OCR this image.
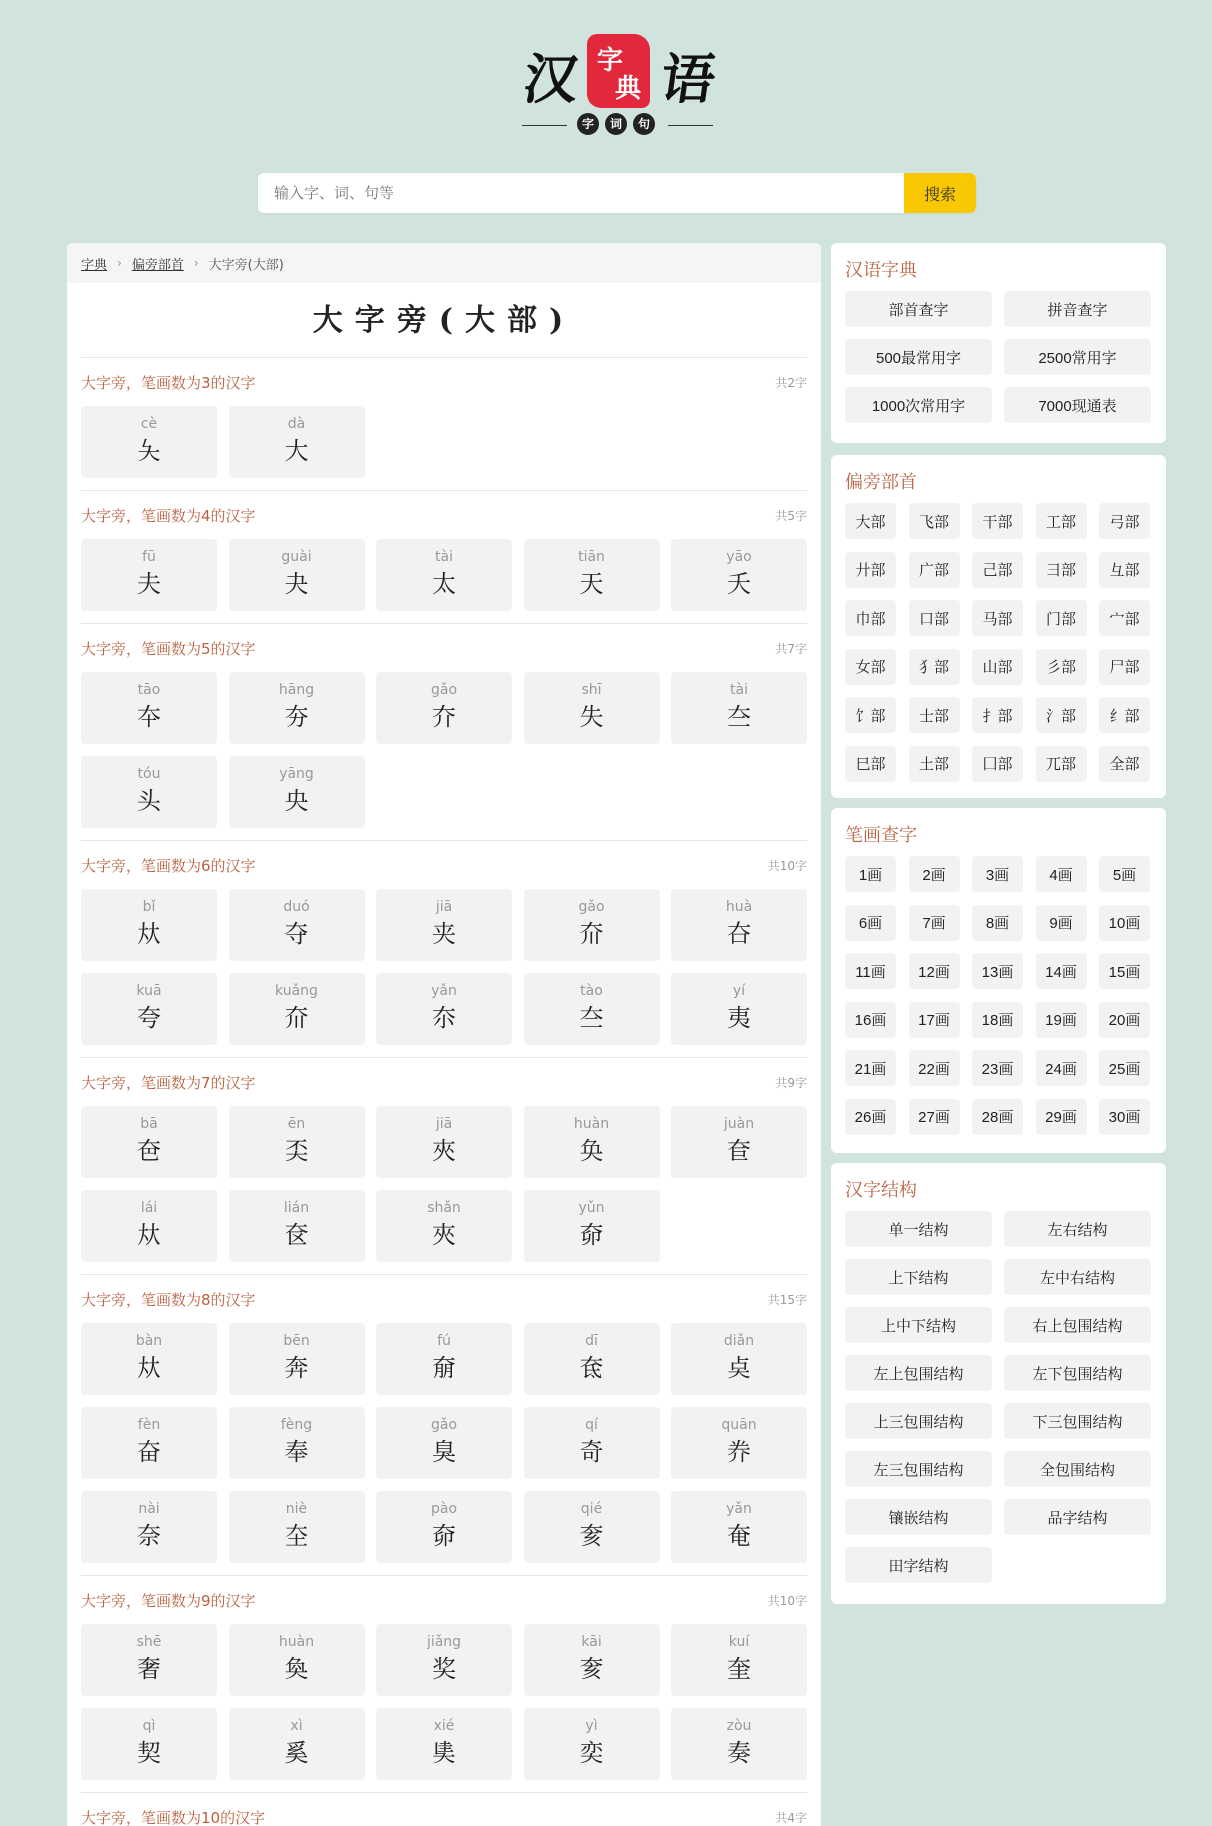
汉 字
典 语
字	词	句
输入字、词、句等
搜索
字典 › 偏旁部首 › 大字旁(大部)
大字旁(大部)
大字旁，笔画数为3的汉字	共2字
cè
夨
dà
大
大字旁，笔画数为4的汉字	共5字
fū
夫
guài
夬
tài
太
tiān
天
yāo
夭
大字旁，笔画数为5的汉字	共7字
tāo
夲
hāng
夯
gǎo
夰
shī
失
tài
夳
tóu
头
yāng
央
大字旁，笔画数为6的汉字	共10字
bǐ
夶
duó
夺
jiā
夹
gǎo
夼
huà
夻
kuā
夸
kuǎng
夼
yǎn
夵
tào
夳
yí
夷
大字旁，笔画数为7的汉字	共9字
bā
夿
ēn
奀
jiā
夾
huàn
奂
juàn
奆
lái
夶
lián
奁
shǎn
夾
yǔn
奅
大字旁，笔画数为8的汉字	共15字
bàn
夶
bēn
奔
fú
奟
dī
奃
diǎn
奌
fèn
奋
fèng
奉
gǎo
臭
qí
奇
quān
奍
nài
奈
niè
圶
pào
奅
qié
奒
yǎn
奄
大字旁，笔画数为9的汉字	共10字
shē
奢
huàn
奐
jiǎng
奖
kāi
奒
kuí
奎
qì
契
xì
奚
xié
奊
yì
奕
zòu
奏
大字旁，笔画数为10的汉字	共4字
汉语字典
部首查字	拼音查字
500最常用字	2500常用字
1000次常用字	7000现通表
偏旁部首
大部	飞部	干部	工部	弓部
廾部	广部	己部	彐部	彑部
巾部	口部	马部	门部	宀部
女部	犭部	山部	彡部	尸部
饣部	士部	扌部	氵部	纟部
巳部	土部	囗部	兀部	全部
笔画查字
1画	2画	3画	4画	5画
6画	7画	8画	9画	10画
11画	12画	13画	14画	15画
16画	17画	18画	19画	20画
21画	22画	23画	24画	25画
26画	27画	28画	29画	30画
汉字结构
单一结构	左右结构
上下结构	左中右结构
上中下结构	右上包围结构
左上包围结构	左下包围结构
上三包围结构	下三包围结构
左三包围结构	全包围结构
镶嵌结构	品字结构
田字结构
